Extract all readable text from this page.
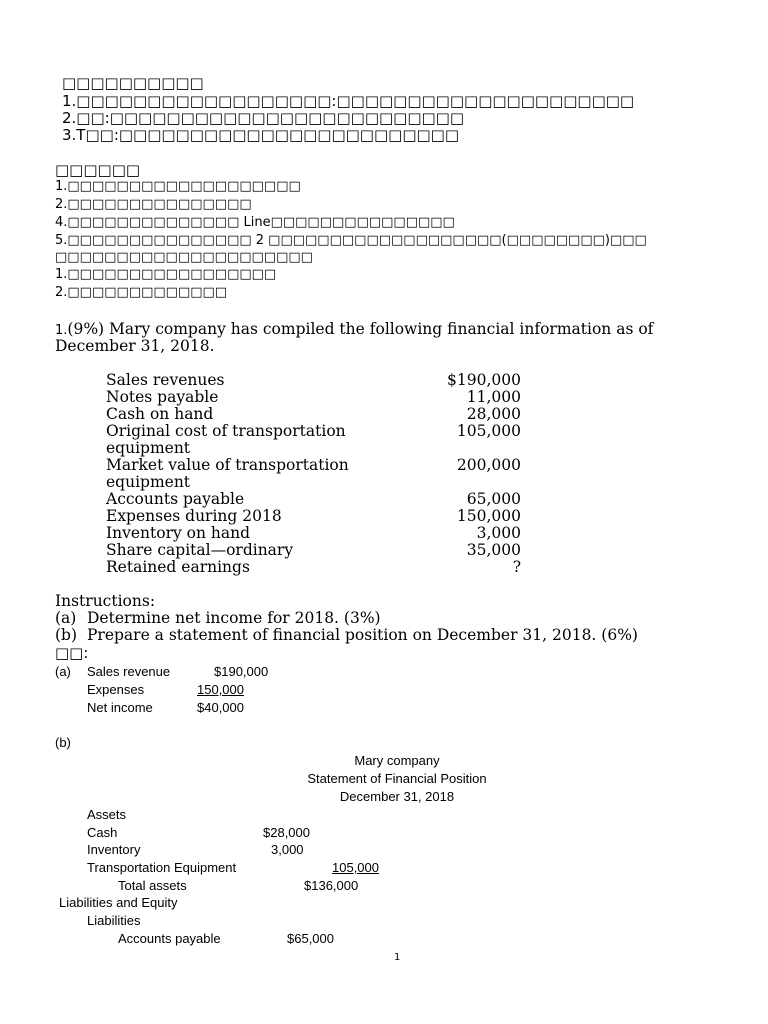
□□□□□□□□□□
1.□□□□□□□□□□□□□□□□□□:□□□□□□□□□□□□□□□□□□□□□
2.□□:□□□□□□□□□□□□□□□□□□□□□□□□□
3.T□□:□□□□□□□□□□□□□□□□□□□□□□□□
□□□□□□
1.□□□□□□□□□□□□□□□□□□□
2.□□□□□□□□□□□□□□□
4.□□□□□□□□□□□□□□ Line□□□□□□□□□□□□□□□
5.□□□□□□□□□□□□□□□ 2 □□□□□□□□□□□□□□□□□□□(□□□□□□□□)□□□
□□□□□□□□□□□□□□□□□□□□□
1.□□□□□□□□□□□□□□□□□
2.□□□□□□□□□□□□□
1.(9%) Mary company has compiled the following financial information as of
December 31, 2018.
Sales revenues	$190,000
Notes payable	11,000
Cash on hand	28,000
Original cost of transportation	105,000
equipment
Market value of transportation	200,000
equipment
Accounts payable	65,000
Expenses during 2018	150,000
Inventory on hand	3,000
Share capital—ordinary	35,000
Retained earnings	?
Instructions:
(a) Determine net income for 2018. (3%)
(b) Prepare a statement of financial position on December 31, 2018. (6%)
□□:
(a) Sales revenue	$190,000
Expenses	150,000
Net income	$40,000
(b)
Mary company
Statement of Financial Position
December 31, 2018
Assets
Cash	$28,000
Inventory	3,000
Transportation Equipment	105,000
Total assets	$136,000
Liabilities and Equity
Liabilities
Accounts payable	$65,000
1
